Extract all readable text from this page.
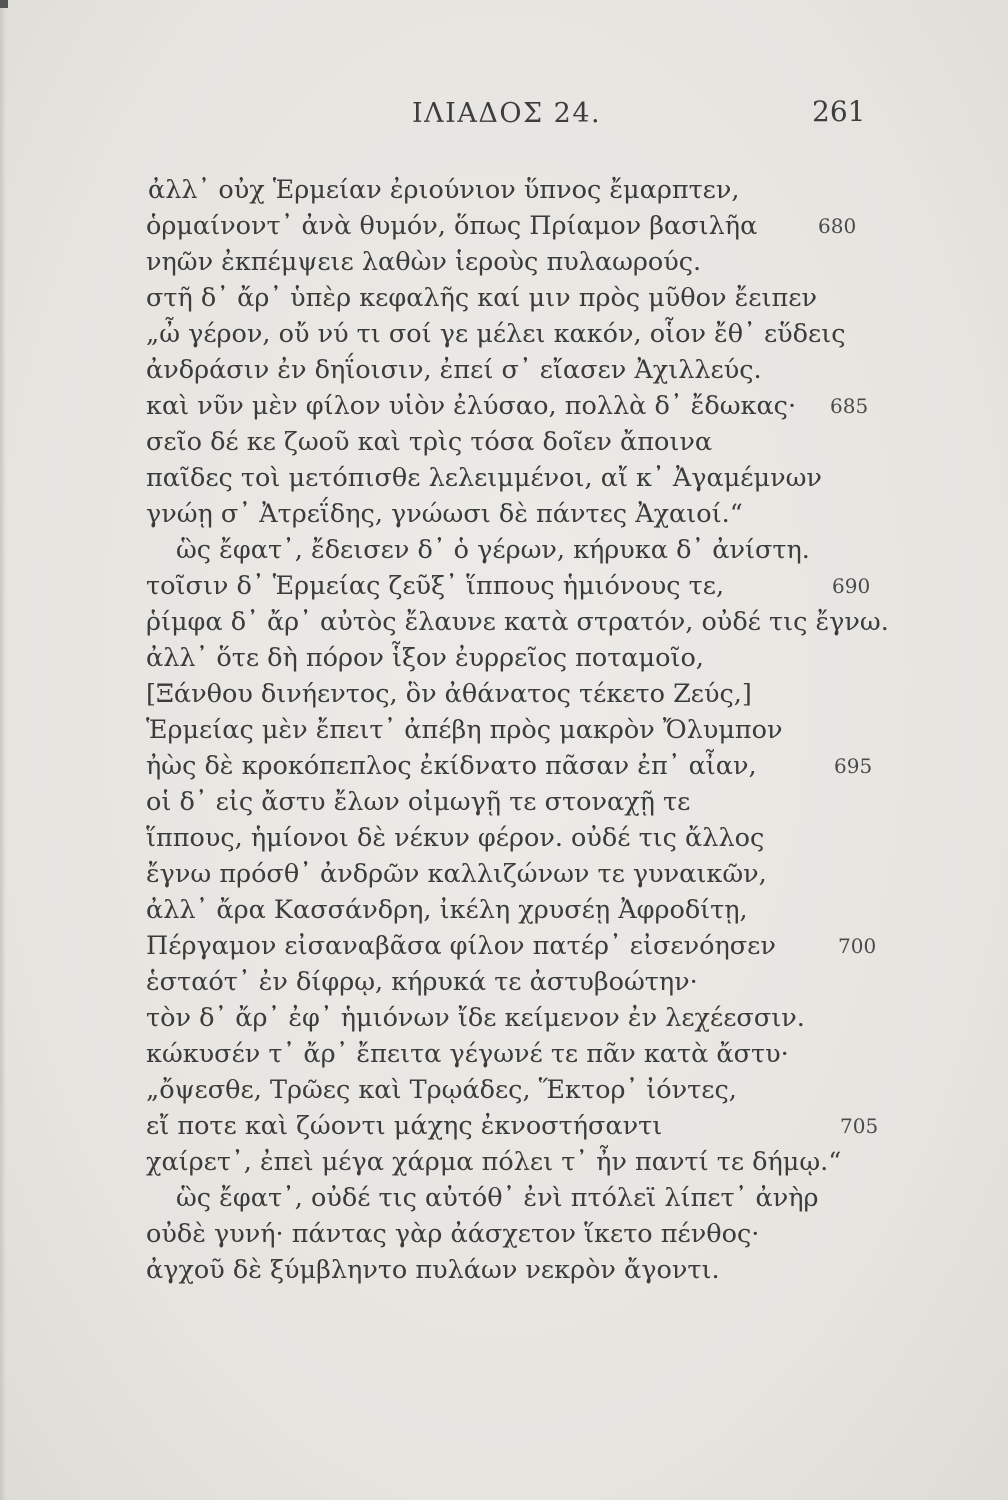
ΙΛΙΑΔΟΣ 24.	261
ἀλλ᾿ οὐχ Ἑρμείαν ἐριούνιον ὕπνος ἔμαρπτεν,
ὁρμαίνοντ᾿ ἀνὰ θυμόν, ὅπως Πρίαμον βασιλῆα	680
νηῶν ἐκπέμψειε λαθὼν ἱεροὺς πυλαωρούς.
στῆ δ᾿ ἄρ᾿ ὑπὲρ κεφαλῆς καί μιν πρὸς μῦθον ἔειπεν
„ὦ γέρον, οὔ νύ τι σοί γε μέλει κακόν, οἷον ἔθ᾿ εὕδεις
ἀνδράσιν ἐν δηΐοισιν, ἐπεί σ᾿ εἴασεν Ἀχιλλεύς.
καὶ νῦν μὲν φίλον υἱὸν ἐλύσαο, πολλὰ δ᾿ ἔδωκας· 685
σεῖο δέ κε ζωοῦ καὶ τρὶς τόσα δοῖεν ἄποινα
παῖδες τοὶ μετόπισθε λελειμμένοι, αἴ κ᾿ Ἀγαμέμνων
γνώῃ σ᾿ Ἀτρεΐδης, γνώωσι δὲ πάντες Ἀχαιοί.“
ὣς ἔφατ᾿, ἔδεισεν δ᾿ ὁ γέρων, κήρυκα δ᾿ ἀνίστη.
τοῖσιν δ᾿ Ἑρμείας ζεῦξ᾿ ἵππους ἡμιόνους τε,	690
ῥίμφα δ᾿ ἄρ᾿ αὐτὸς ἔλαυνε κατὰ στρατόν, οὐδέ τις ἔγνω.
ἀλλ᾿ ὅτε δὴ πόρον ἷξον ἐυρρεῖος ποταμοῖο,
[Ξάνθου δινήεντος, ὃν ἀθάνατος τέκετο Ζεύς,]
Ἑρμείας μὲν ἔπειτ᾿ ἀπέβη πρὸς μακρὸν Ὄλυμπον
ἠὼς δὲ κροκόπεπλος ἐκίδνατο πᾶσαν ἐπ᾿ αἶαν,	695
οἱ δ᾿ εἰς ἄστυ ἔλων οἰμωγῇ τε στοναχῇ τε
ἵππους, ἡμίονοι δὲ νέκυν φέρον. οὐδέ τις ἄλλος
ἔγνω πρόσθ᾿ ἀνδρῶν καλλιζώνων τε γυναικῶν,
ἀλλ᾿ ἄρα Κασσάνδρη, ἰκέλη χρυσέῃ Ἀφροδίτῃ,
Πέργαμον εἰσαναβᾶσα φίλον πατέρ᾿ εἰσενόησεν	700
ἑσταότ᾿ ἐν δίφρῳ, κήρυκά τε ἀστυβοώτην·
τὸν δ᾿ ἄρ᾿ ἐφ᾿ ἡμιόνων ἴδε κείμενον ἐν λεχέεσσιν.
κώκυσέν τ᾿ ἄρ᾿ ἔπειτα γέγωνέ τε πᾶν κατὰ ἄστυ·
„ὄψεσθε, Τρῶες καὶ Τρῳάδες, Ἕκτορ᾿ ἰόντες,
εἴ ποτε καὶ ζώοντι μάχης ἐκνοστήσαντι	705
χαίρετ᾿, ἐπεὶ μέγα χάρμα πόλει τ᾿ ἦν παντί τε δήμῳ.“
ὣς ἔφατ᾿, οὐδέ τις αὐτόθ᾿ ἐνὶ πτόλεϊ λίπετ᾿ ἀνὴρ
οὐδὲ γυνή· πάντας γὰρ ἀάσχετον ἵκετο πένθος·
ἀγχοῦ δὲ ξύμβληντο πυλάων νεκρὸν ἄγοντι.
